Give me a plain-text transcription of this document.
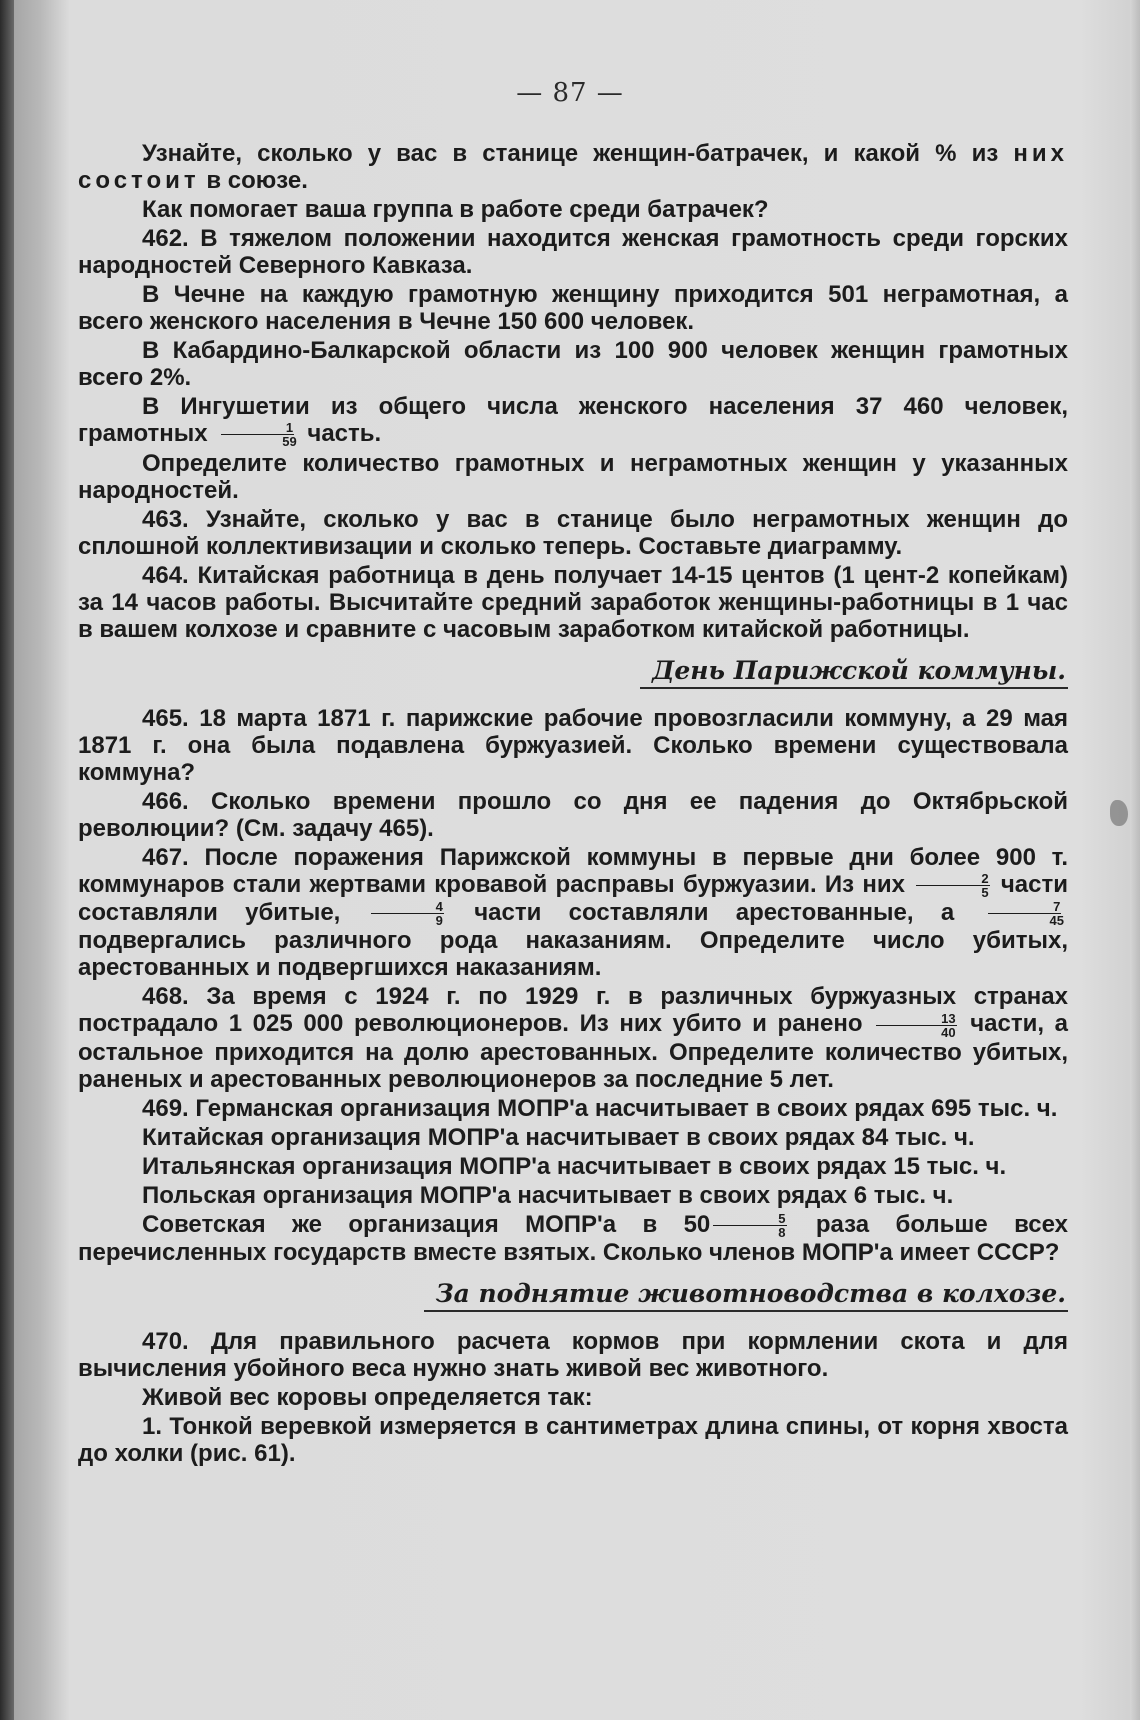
— 87 —

Узнайте, сколько у вас в станице женщин-батрачек, и какой % из них состоит в союзе.

Как помогает ваша группа в работе среди батрачек?

462. В тяжелом положении находится женская грамотность среди горских народностей Северного Кавказа.

В Чечне на каждую грамотную женщину приходится 501 неграмотная, а всего женского населения в Чечне 150 600 человек.

В Кабардино-Балкарской области из 100 900 человек женщин грамотных всего 2%.

В Ингушетии из общего числа женского населения 37 460 человек, грамотных $\frac{1}{59}$ часть.

Определите количество грамотных и неграмотных женщин у указанных народностей.

463. Узнайте, сколько у вас в станице было неграмотных женщин до сплошной коллективизации и сколько теперь. Составьте диаграмму.

464. Китайская работница в день получает 14-15 центов (1 цент-2 копейкам) за 14 часов работы. Высчитайте средний заработок женщины-работницы в 1 час в вашем колхозе и сравните с часовым заработком китайской работницы.

День Парижской коммуны.

465. 18 марта 1871 г. парижские рабочие провозгласили коммуну, а 29 мая 1871 г. она была подавлена буржуазией. Сколько времени существовала коммуна?

466. Сколько времени прошло со дня ее падения до Октябрьской революции? (См. задачу 465).

467. После поражения Парижской коммуны в первые дни более 900 т. коммунаров стали жертвами кровавой расправы буржуазии. Из них $\frac{2}{5}$ части составляли убитые, $\frac{4}{9}$ части составляли арестованные, а $\frac{7}{45}$
подвергались различного рода наказаниям. Определите число убитых, арестованных и подвергшихся наказаниям.

468. За время с 1924 г. по 1929 г. в различных буржуазных странах пострадало 1 025 000 революционеров. Из них убито и ранено $\frac{13}{40}$ части, а остальное приходится на долю арестованных. Определите количество убитых, раненых и арестованных революционеров за последние 5 лет.

469. Германская организация МОПР'а насчитывает в своих рядах 695 тыс. ч.

Китайская организация МОПР'а насчитывает в своих рядах 84 тыс. ч.

Итальянская организация МОПР'а насчитывает в своих рядах 15 тыс. ч.

Польская организация МОПР'а насчитывает в своих рядах 6 тыс. ч.

Советская же организация МОПР'а в $50 \frac{5}{8}$ раза больше всех перечисленных государств вместе взятых. Сколько членов МОПР'а имеет СССР?

За поднятие животноводства в колхозе.

470. Для правильного расчета кормов при кормлении скота и для вычисления убойного веса нужно знать живой вес животного.

Живой вес коровы определяется так:

1. Тонкой веревкой измеряется в сантиметрах длина спины, от корня хвоста до холки (рис. 61).
